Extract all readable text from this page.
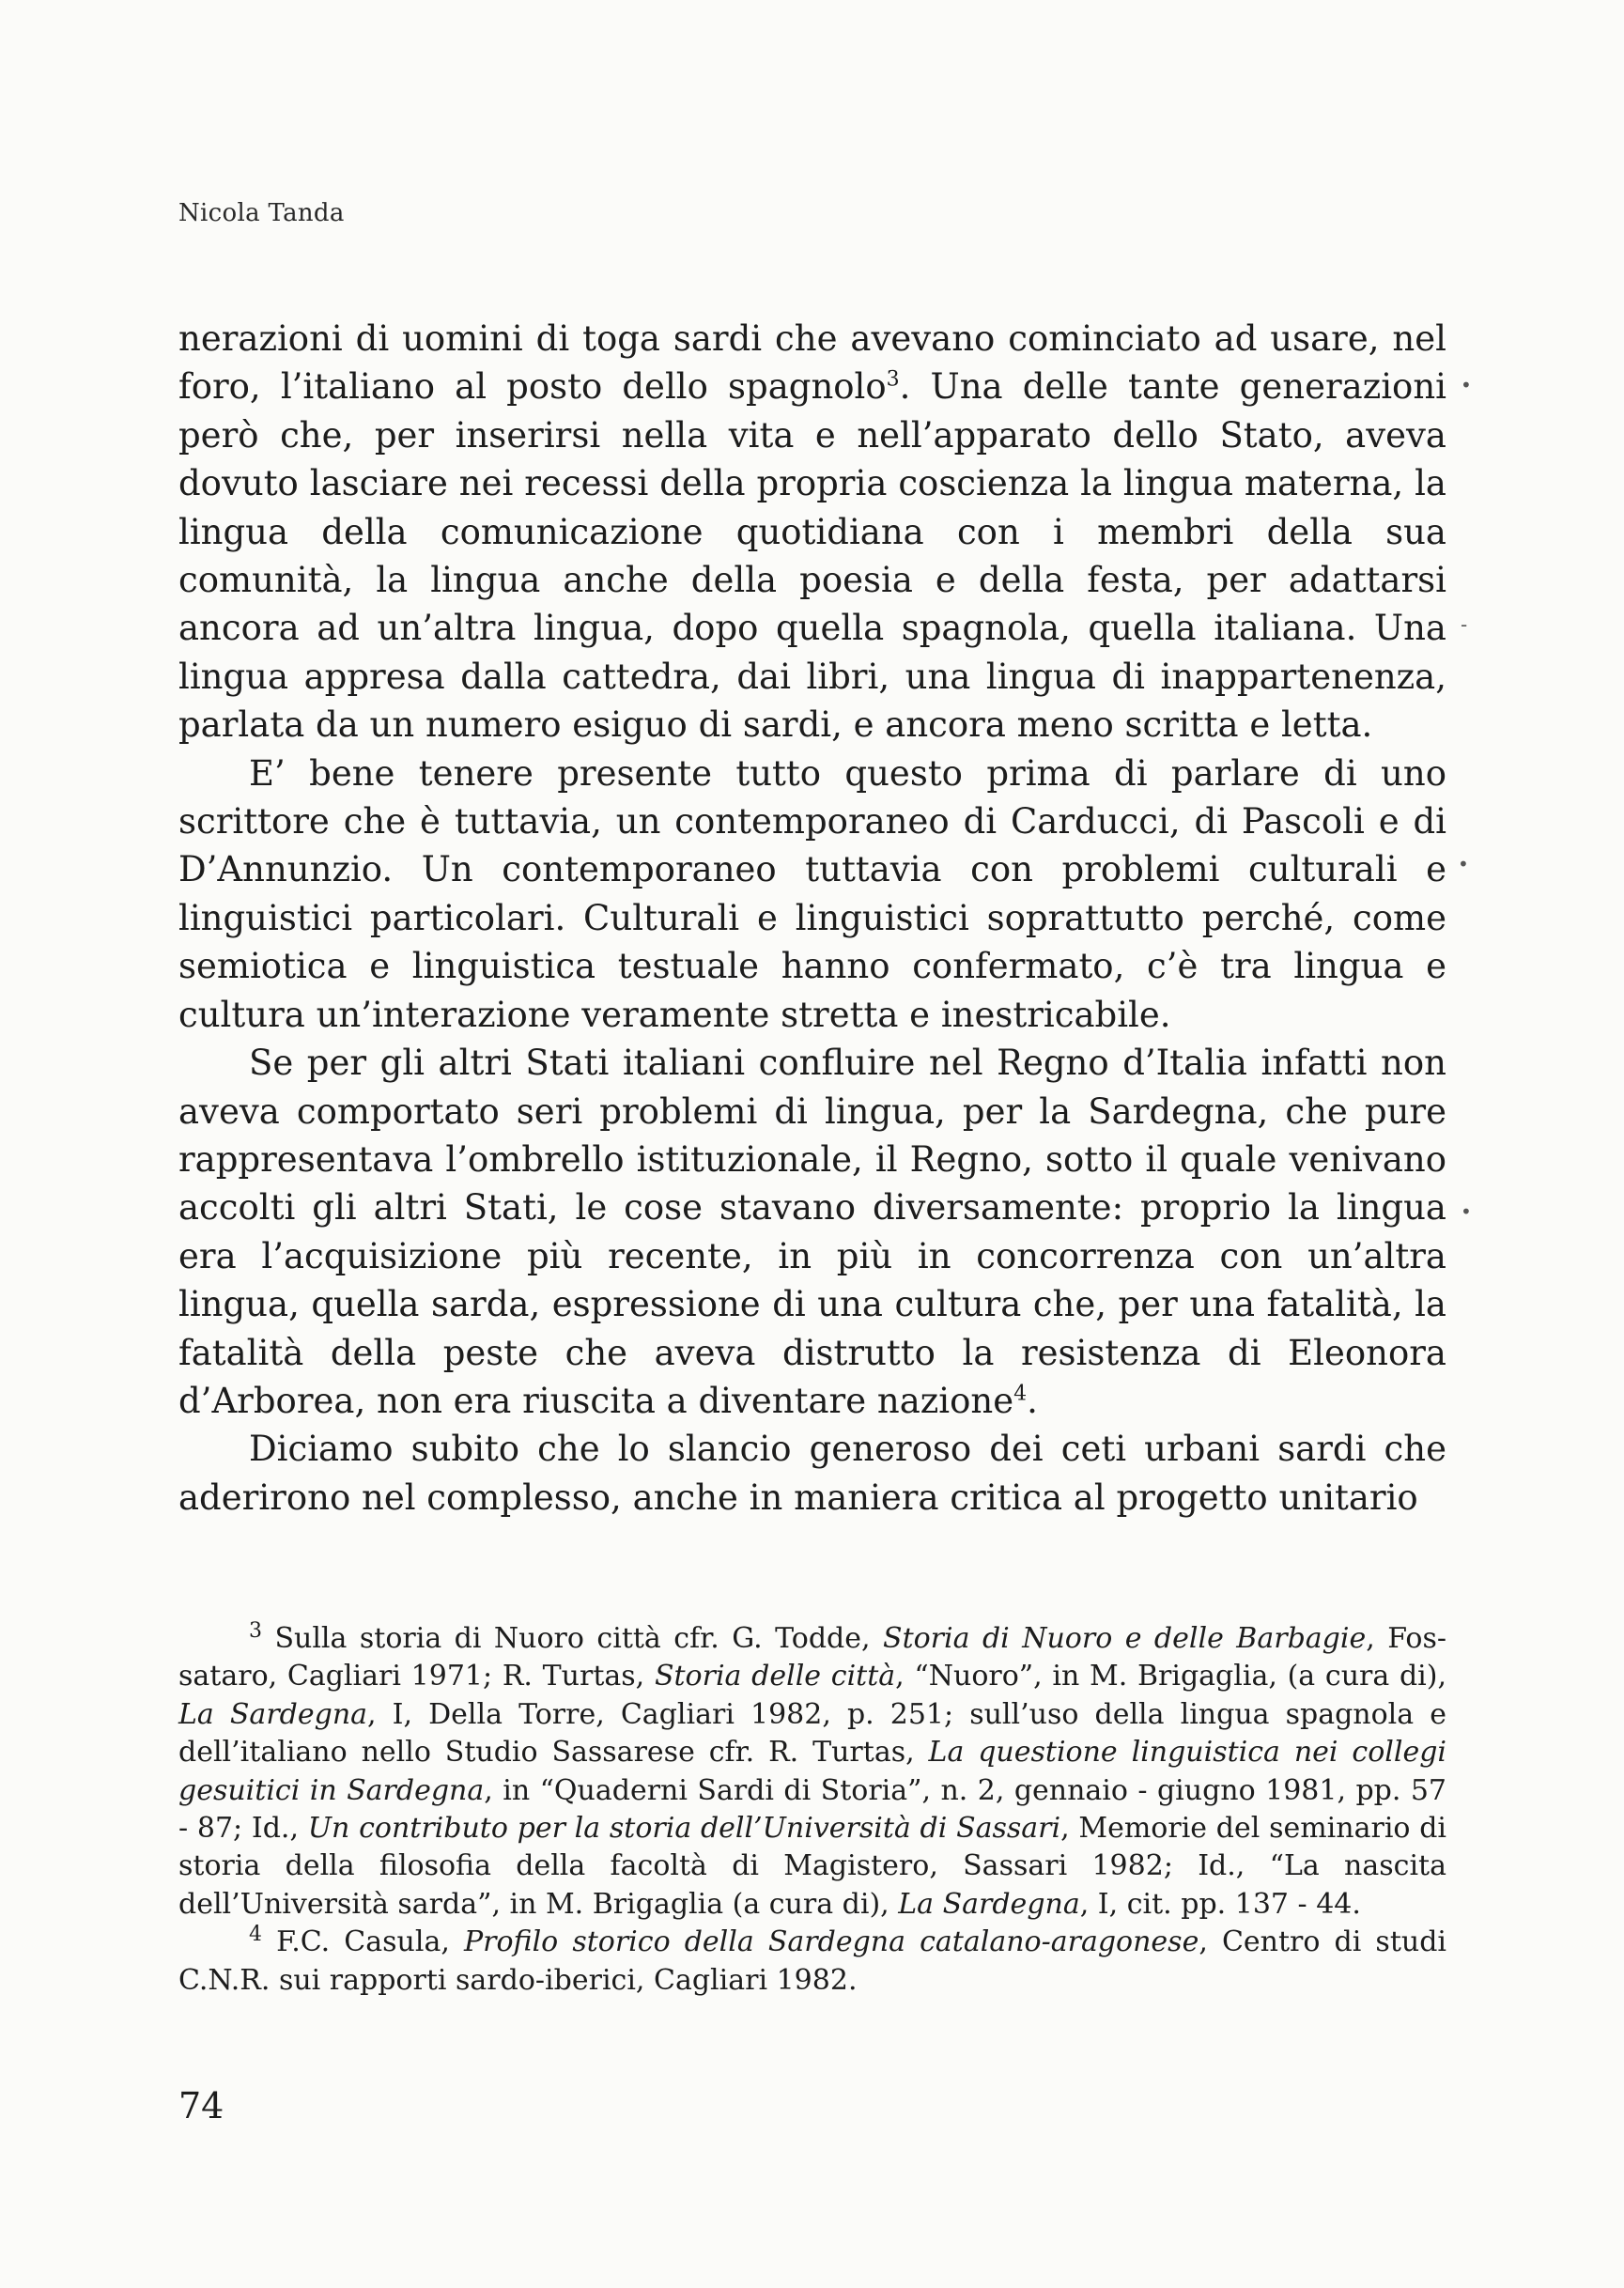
Nicola Tanda

nerazioni di uomini di toga sardi che avevano cominciato ad usare, nel foro, l’italiano al posto dello spagnolo$^3$. Una delle tante generazioni però che, per inserirsi nella vita e nell’apparato dello Stato, aveva dovuto lasciare nei recessi della propria coscienza la lingua materna, la lingua della comunicazione quotidiana con i membri della sua comunità, la lingua anche della poesia e della festa, per adattarsi ancora ad un’altra lingua, dopo quella spagnola, quella italiana. Una lingua appresa dalla cattedra, dai libri, una lingua di inappartenenza, parlata da un numero esiguo di sardi, e ancora meno scritta e letta.

E’ bene tenere presente tutto questo prima di parlare di uno scrittore che è tuttavia, un contemporaneo di Carducci, di Pascoli e di D’Annunzio. Un contemporaneo tuttavia con problemi culturali e linguistici particolari. Culturali e linguistici soprattutto perché, come semiotica e linguistica testuale hanno confermato, c’è tra lingua e cultura un’interazione veramente stretta e inestricabile.

Se per gli altri Stati italiani confluire nel Regno d’Italia infatti non aveva comportato seri problemi di lingua, per la Sardegna, che pure rappresentava l’ombrello istituzionale, il Regno, sotto il quale venivano accolti gli altri Stati, le cose stavano diversamente: proprio la lingua era l’acquisizione più recente, in più in concorrenza con un’altra lingua, quella sarda, espressione di una cultura che, per una fatalità, la fatalità della peste che aveva distrutto la resistenza di Eleonora d’Arborea, non era riuscita a diventare nazione$^4$.

Diciamo subito che lo slancio generoso dei ceti urbani sardi che aderirono nel complesso, anche in maniera critica al progetto unitario

$^3$ Sulla storia di Nuoro città cfr. G. Todde, Storia di Nuoro e delle Barbagie, Fossataro, Cagliari 1971; R. Turtas, Storia delle città, “Nuoro”, in M. Brigaglia, (a cura di), La Sardegna, I, Della Torre, Cagliari 1982, p. 251; sull’uso della lingua spagnola e dell’italiano nello Studio Sassarese cfr. R. Turtas, La questione linguistica nei collegi gesuitici in Sardegna, in “Quaderni Sardi di Storia”, n. 2, gennaio - giugno 1981, pp. 57 - 87; Id., Un contributo per la storia dell’Università di Sassari, Memorie del seminario di storia della filosofia della facoltà di Magistero, Sassari 1982; Id., “La nascita dell’Università sarda”, in M. Brigaglia (a cura di), La Sardegna, I, cit. pp. 137 - 44.

$^4$ F.C. Casula, Profilo storico della Sardegna catalano-aragonese, Centro di studi C.N.R. sui rapporti sardo-iberici, Cagliari 1982.

74
•
-
•
•
